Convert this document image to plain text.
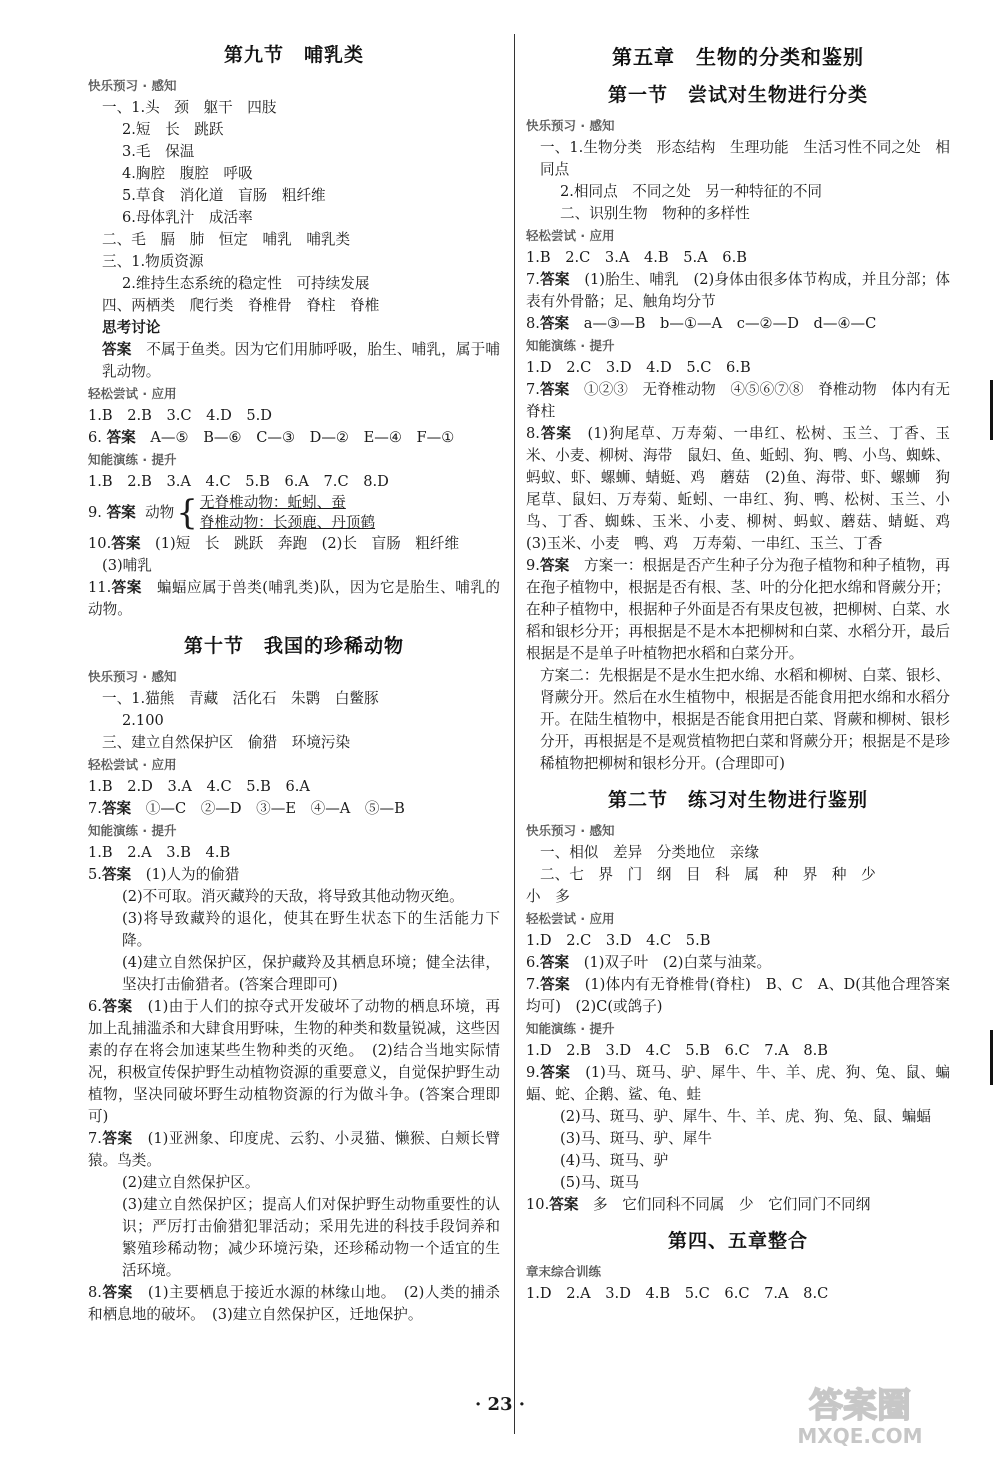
第九节　哺乳类
快乐预习 · 感知
一、1.头　颈　躯干　四肢
2.短　长　跳跃
3.毛　保温
4.胸腔　腹腔　呼吸
5.草食　消化道　盲肠　粗纤维
6.母体乳汁　成活率
二、毛　膈　肺　恒定　哺乳　哺乳类
三、1.物质资源
2.维持生态系统的稳定性　可持续发展
四、两栖类　爬行类　脊椎骨　脊柱　脊椎
思考讨论
答案　 不属于鱼类。因为它们用肺呼吸，胎生、哺乳，属于哺乳动物。
轻松尝试 · 应用
1.B　2.B　3.C　4.D　5.D
6. 答案　 A—⑤　B—⑥　C—③　D—②　E—④　F—①
知能演练 · 提升
1.B　2.B　3.A　4.C　5.B　6.A　7.C　8.D
9.
答案
动物 { 无脊椎动物：蚯蚓、蚕
脊椎动物：长颈鹿、丹顶鹤
10.答案　 (1)短　长　跳跃　奔跑　(2)长　盲肠　粗纤维
(3)哺乳
11.答案　 蝙蝠应属于兽类(哺乳类)队，因为它是胎生、哺乳的动物。
第十节　我国的珍稀动物
快乐预习 · 感知
一、1.猫熊　青藏　活化石　朱鹮　白鳖豚
2.100
三、建立自然保护区　偷猎　环境污染
轻松尝试 · 应用
1.B　2.D　3.A　4.C　5.B　6.A
7.答案　 ①—C　②—D　③—E　④—A　⑤—B
知能演练 · 提升
1.B　2.A　3.B　4.B
5.答案　 (1)人为的偷猎
(2)不可取。消灭藏羚的天敌，将导致其他动物灭绝。
(3)将导致藏羚的退化，使其在野生状态下的生活能力下降。
(4)建立自然保护区，保护藏羚及其栖息环境；健全法律，坚决打击偷猎者。(答案合理即可)
6.答案　 (1)由于人们的掠夺式开发破坏了动物的栖息环境，再加上乱捕滥杀和大肆食用野味，生物的种类和数量锐减，这些因素的存在将会加速某些生物种类的灭绝。　(2)结合当地实际情况，积极宣传保护野生动植物资源的重要意义，自觉保护野生动植物，坚决同破坏野生动植物资源的行为做斗争。(答案合理即可)
7.答案　 (1)亚洲象、印度虎、云豹、小灵猫、懒猴、白颊长臂猿。鸟类。
(2)建立自然保护区。
(3)建立自然保护区；提高人们对保护野生动物重要性的认识；严厉打击偷猎犯罪活动；采用先进的科技手段饲养和繁殖珍稀动物；减少环境污染，还珍稀动物一个适宜的生活环境。
8.答案　 (1)主要栖息于接近水源的林缘山地。　(2)人类的捕杀和栖息地的破坏。　(3)建立自然保护区，迁地保护。
第五章　生物的分类和鉴别
第一节　尝试对生物进行分类
快乐预习 · 感知
一、1.生物分类　形态结构　生理功能　生活习性不同之处　相同点
2.相同点　不同之处　另一种特征的不同
二、识别生物　物种的多样性
轻松尝试 · 应用
1.B　2.C　3.A　4.B　5.A　6.B
7.答案　 (1)胎生、哺乳　(2)身体由很多体节构成，并且分部；体表有外骨骼；足、触角均分节
8.答案　 a—③—B　b—①—A　c—②—D　d—④—C
知能演练 · 提升
1.D　2.C　3.D　4.D　5.C　6.B
7.答案　 ①②③　无脊椎动物　④⑤⑥⑦⑧　脊椎动物　体内有无脊柱
8.答案　 (1)狗尾草、万寿菊、一串红、松树、玉兰、丁香、玉米、小麦、柳树、海带　鼠妇、鱼、蚯蚓、狗、鸭、小鸟、蜘蛛、蚂蚁、虾、螺蛳、蜻蜓、鸡　蘑菇　(2)鱼、海带、虾、螺蛳　狗尾草、鼠妇、万寿菊、蚯蚓、一串红、狗、鸭、松树、玉兰、小鸟、丁香、蜘蛛、玉米、小麦、柳树、蚂蚁、蘑菇、蜻蜓、鸡　(3)玉米、小麦　鸭、鸡　万寿菊、一串红、玉兰、丁香
9.答案　 方案一：根据是否产生种子分为孢子植物和种子植物，再在孢子植物中，根据是否有根、茎、叶的分化把水绵和肾蕨分开；在种子植物中，根据种子外面是否有果皮包被，把柳树、白菜、水稻和银杉分开；再根据是不是木本把柳树和白菜、水稻分开，最后根据是不是单子叶植物把水稻和白菜分开。
方案二：先根据是不是水生把水绵、水稻和柳树、白菜、银杉、肾蕨分开。然后在水生植物中，根据是否能食用把水绵和水稻分开。在陆生植物中，根据是否能食用把白菜、肾蕨和柳树、银杉分开，再根据是不是观赏植物把白菜和肾蕨分开；根据是不是珍稀植物把柳树和银杉分开。(合理即可)
第二节　练习对生物进行鉴别
快乐预习 · 感知
一、相似　差异　分类地位　亲缘
二、七　界　门　纲　目　科　属　种　界　种　少
小　多
轻松尝试 · 应用
1.D　2.C　3.D　4.C　5.B
6.答案　 (1)双子叶　(2)白菜与油菜。
7.答案　 (1)体内有无脊椎骨(脊柱)　B、C　A、D(其他合理答案均可)　(2)C(或鸽子)
知能演练 · 提升
1.D　2.B　3.D　4.C　5.B　6.C　7.A　8.B
9.答案　 (1)马、斑马、驴、犀牛、牛、羊、虎、狗、兔、鼠、蝙蝠、蛇、企鹅、鲨、龟、蛙
(2)马、斑马、驴、犀牛、牛、羊、虎、狗、兔、鼠、蝙蝠
(3)马、斑马、驴、犀牛
(4)马、斑马、驴
(5)马、斑马
10.答案　 多　它们同科不同属　少　它们同门不同纲
第四、五章整合
章末综合训练
1.D　2.A　3.D　4.B　5.C　6.C　7.A　8.C
· 23 ·	答案圈
MXQE.COM
